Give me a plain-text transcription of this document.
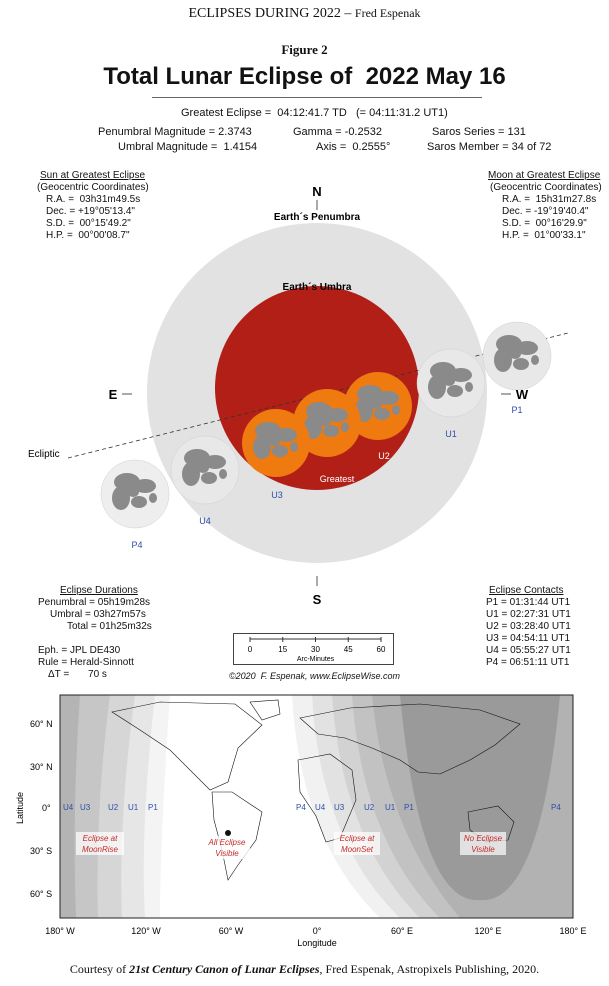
ECLIPSES DURING 2022 – Fred Espenak
Figure 2
Total Lunar Eclipse of  2022 May 16
Greatest Eclipse =  04:12:41.7 TD   (= 04:11:31.2 UT1)
Penumbral Magnitude = 2.3743
Umbral Magnitude =  1.4154
Gamma = -0.2532
Axis =  0.2555°
Saros Series = 131
Saros Member = 34 of 72
Sun at Greatest Eclipse
(Geocentric Coordinates)
R.A. =  03h31m49.5s
Dec. = +19°05'13.4"
S.D. =  00°15'49.2"
H.P. =  00°00'08.7"
Moon at Greatest Eclipse
(Geocentric Coordinates)
R.A. =  15h31m27.8s
Dec. = -19°19'40.4"
S.D. =  00°16'29.9"
H.P. =  01°00'33.1"
N
S
E	W
Earth´s Penumbra
Earth´s Umbra
Ecliptic
P1
U1
U2
Greatest
U3
U4
P4
Eclipse Durations
Penumbral = 05h19m28s
Umbral = 03h27m57s
Total = 01h25m32s
Eph. = JPL DE430
Rule = Herald-Sinnott
ΔT = 70 s
0	15	30	45	60
Arc-Minutes
©2020  F. Espenak, www.EclipseWise.com
Eclipse Contacts
P1 = 01:31:44 UT1
U1 = 02:27:31 UT1
U2 = 03:28:40 UT1
U3 = 04:54:11 UT1
U4 = 05:55:27 UT1
P4 = 06:51:11 UT1
60° N
30° N
0°
30° S
60° S
Latitude
180° W	120° W	60° W	0°	60° E	120° E	180° E
Longitude
U4 U3 U2 U1 P1	P4 U4 U3 U2 U1 P1	P4
Eclipse at
MoonRise
All Eclipse
Visible
Eclipse at
MoonSet
No Eclipse
Visible
Courtesy of 21st Century Canon of Lunar Eclipses, Fred Espenak, Astropixels Publishing, 2020.
